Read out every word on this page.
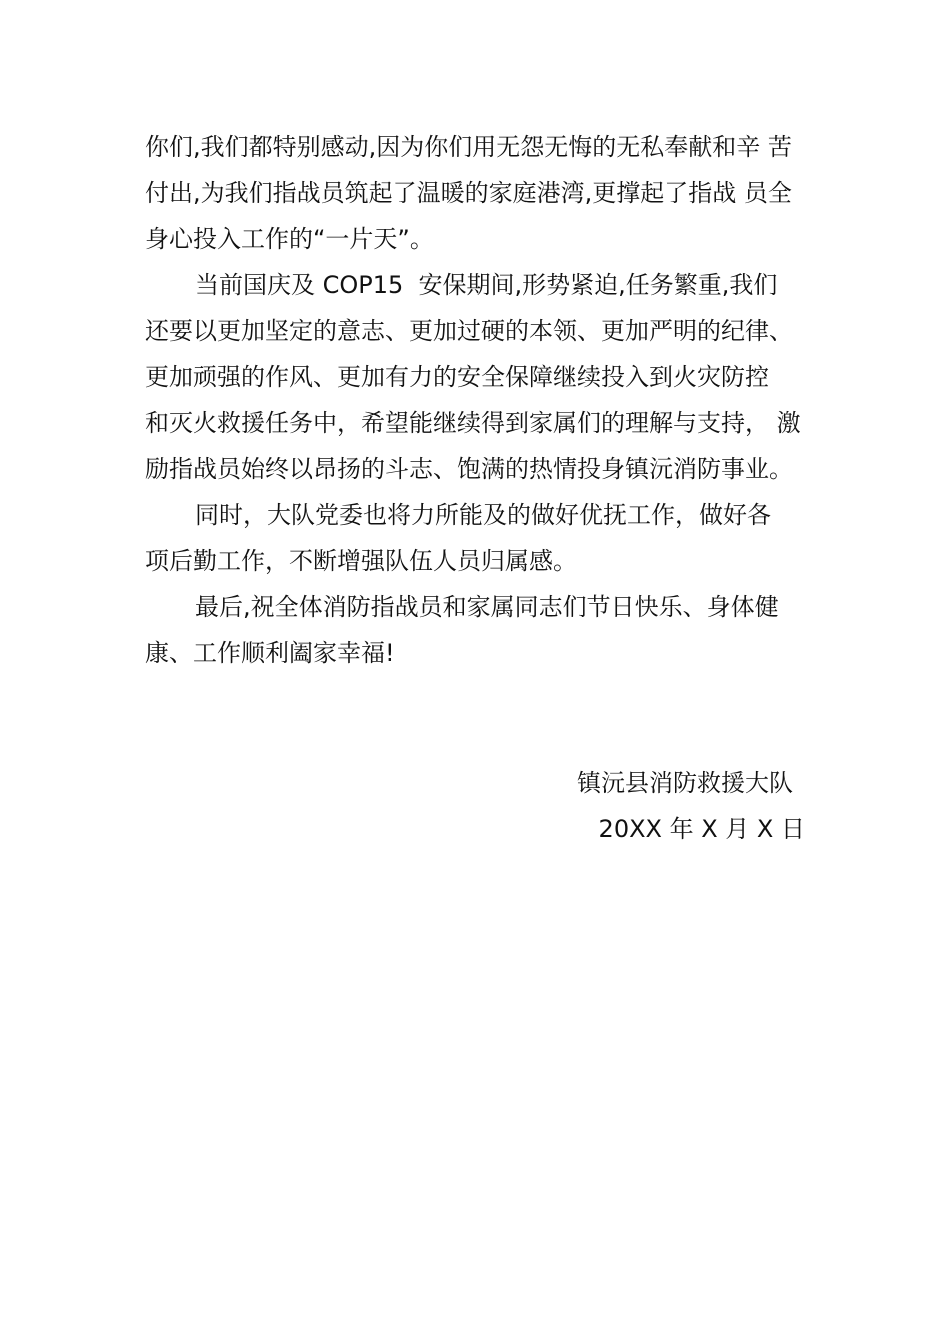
你们,我们都特别感动,因为你们用无怨无悔的无私奉献和辛 苦
付出,为我们指战员筑起了温暖的家庭港湾,更撑起了指战 员全
身心投入工作的“一片天”。
当前国庆及 COP15  安保期间,形势紧迫,任务繁重,我们
还要以更加坚定的意志、更加过硬的本领、更加严明的纪律、
更加顽强的作风、更加有力的安全保障继续投入到火灾防控
和灭火救援任务中，希望能继续得到家属们的理解与支持， 激
励指战员始终以昂扬的斗志、饱满的热情投身镇沅消防事业。
同时，大队党委也将力所能及的做好优抚工作，做好各
项后勤工作，不断增强队伍人员归属感。
最后,祝全体消防指战员和家属同志们节日快乐、身体健
康、工作顺利阖家幸福!
镇沅县消防救援大队
20XX 年 X 月 X 日
